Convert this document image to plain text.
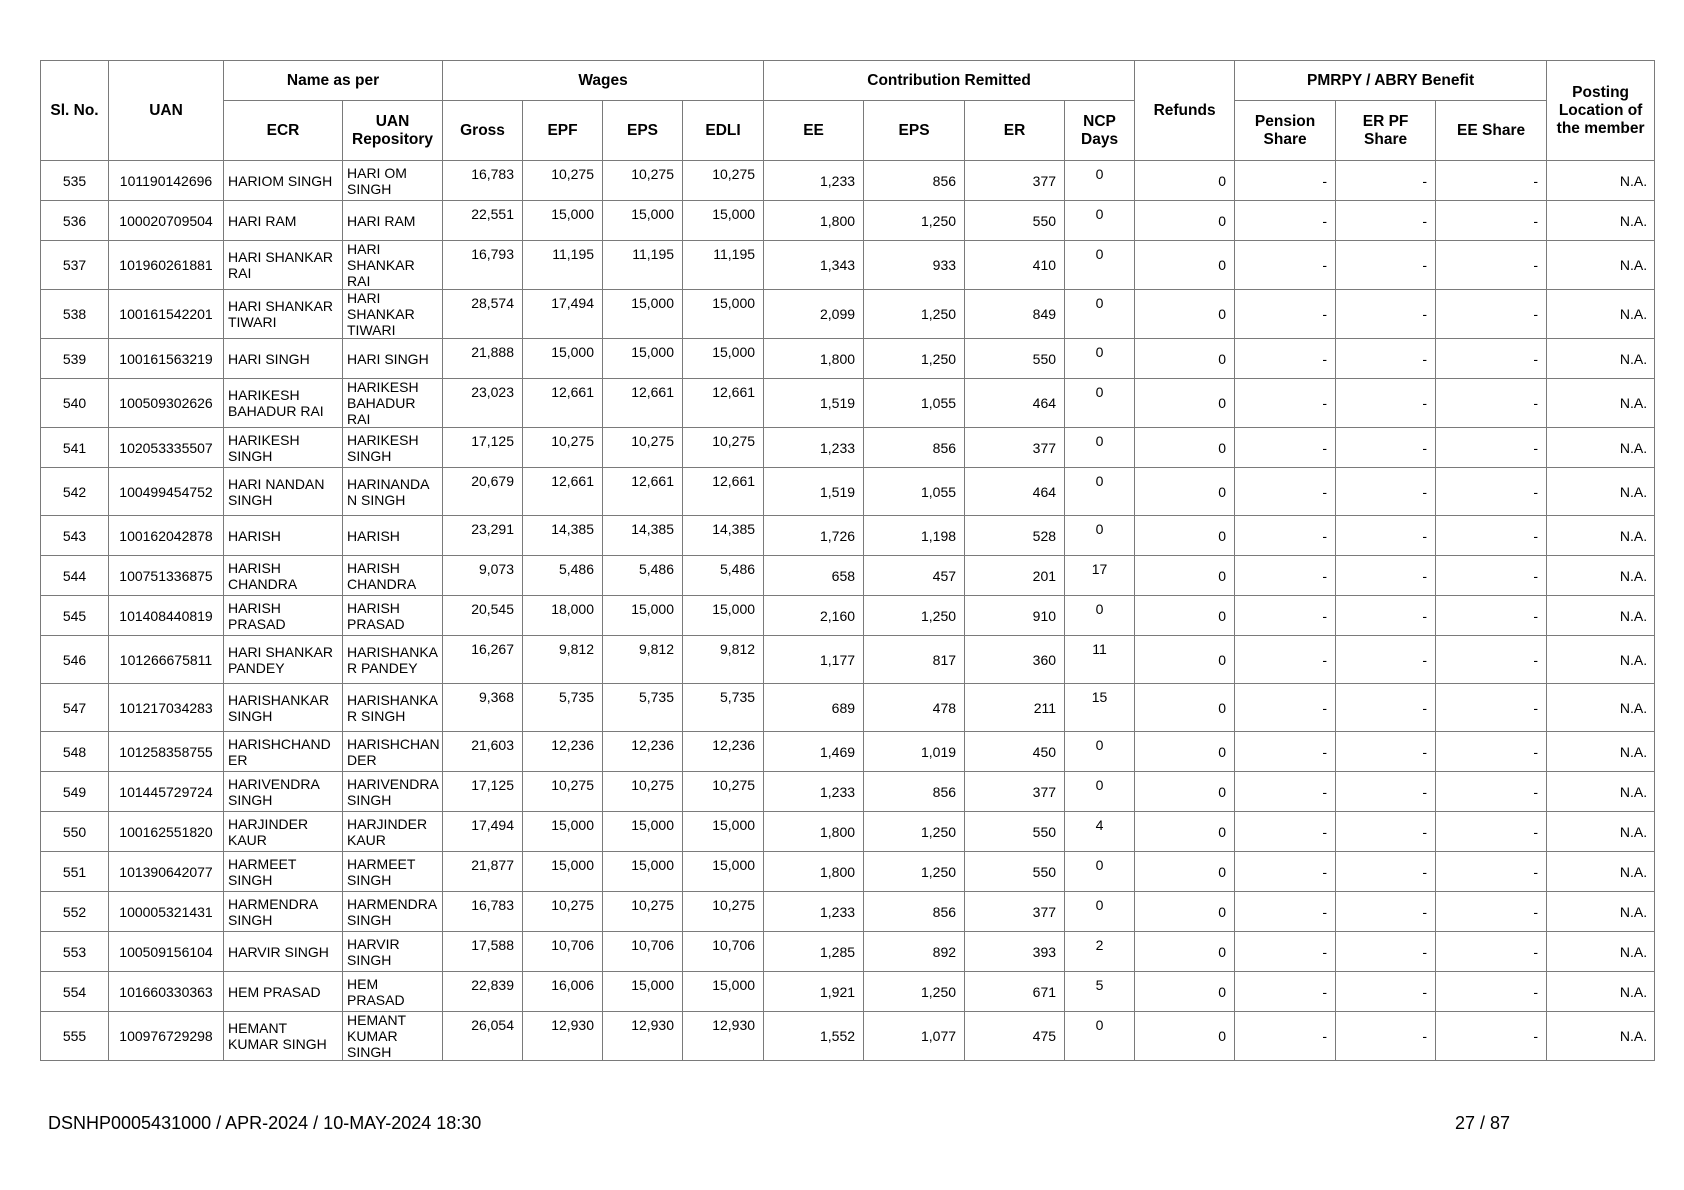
Sl. No.	UAN	Name as per		Wages				Contribution Remitted				Refunds	PMRPY / ABRY Benefit			Posting Location of the member
		ECR	UAN Repository	Gross	EPF	EPS	EDLI	EE	EPS	ER	NCP Days		Pension Share	ER PF Share	EE Share	
535	101190142696	HARIOM SINGH	HARI OM SINGH	16,783	10,275	10,275	10,275	1,233	856	377	0	0	-	-	-	N.A.
536	100020709504	HARI RAM	HARI RAM	22,551	15,000	15,000	15,000	1,800	1,250	550	0	0	-	-	-	N.A.
537	101960261881	HARI SHANKAR RAI	HARI SHANKAR RAI	16,793	11,195	11,195	11,195	1,343	933	410	0	0	-	-	-	N.A.
538	100161542201	HARI SHANKAR TIWARI	HARI SHANKAR TIWARI	28,574	17,494	15,000	15,000	2,099	1,250	849	0	0	-	-	-	N.A.
539	100161563219	HARI SINGH	HARI SINGH	21,888	15,000	15,000	15,000	1,800	1,250	550	0	0	-	-	-	N.A.
540	100509302626	HARIKESH BAHADUR RAI	HARIKESH BAHADUR RAI	23,023	12,661	12,661	12,661	1,519	1,055	464	0	0	-	-	-	N.A.
541	102053335507	HARIKESH SINGH	HARIKESH SINGH	17,125	10,275	10,275	10,275	1,233	856	377	0	0	-	-	-	N.A.
542	100499454752	HARI NANDAN SINGH	HARINANDA N SINGH	20,679	12,661	12,661	12,661	1,519	1,055	464	0	0	-	-	-	N.A.
543	100162042878	HARISH	HARISH	23,291	14,385	14,385	14,385	1,726	1,198	528	0	0	-	-	-	N.A.
544	100751336875	HARISH CHANDRA	HARISH CHANDRA	9,073	5,486	5,486	5,486	658	457	201	17	0	-	-	-	N.A.
545	101408440819	HARISH PRASAD	HARISH PRASAD	20,545	18,000	15,000	15,000	2,160	1,250	910	0	0	-	-	-	N.A.
546	101266675811	HARI SHANKAR PANDEY	HARISHANKA R PANDEY	16,267	9,812	9,812	9,812	1,177	817	360	11	0	-	-	-	N.A.
547	101217034283	HARISHANKAR SINGH	HARISHANKA R SINGH	9,368	5,735	5,735	5,735	689	478	211	15	0	-	-	-	N.A.
548	101258358755	HARISHCHAND ER	HARISHCHAN DER	21,603	12,236	12,236	12,236	1,469	1,019	450	0	0	-	-	-	N.A.
549	101445729724	HARIVENDRA SINGH	HARIVENDRA SINGH	17,125	10,275	10,275	10,275	1,233	856	377	0	0	-	-	-	N.A.
550	100162551820	HARJINDER KAUR	HARJINDER KAUR	17,494	15,000	15,000	15,000	1,800	1,250	550	4	0	-	-	-	N.A.
551	101390642077	HARMEET SINGH	HARMEET SINGH	21,877	15,000	15,000	15,000	1,800	1,250	550	0	0	-	-	-	N.A.
552	100005321431	HARMENDRA SINGH	HARMENDRA SINGH	16,783	10,275	10,275	10,275	1,233	856	377	0	0	-	-	-	N.A.
553	100509156104	HARVIR SINGH	HARVIR SINGH	17,588	10,706	10,706	10,706	1,285	892	393	2	0	-	-	-	N.A.
554	101660330363	HEM PRASAD	HEM PRASAD	22,839	16,006	15,000	15,000	1,921	1,250	671	5	0	-	-	-	N.A.
555	100976729298	HEMANT KUMAR SINGH	HEMANT KUMAR SINGH	26,054	12,930	12,930	12,930	1,552	1,077	475	0	0	-	-	-	N.A.
DSNHP0005431000 / APR-2024 / 10-MAY-2024 18:30	27 / 87
